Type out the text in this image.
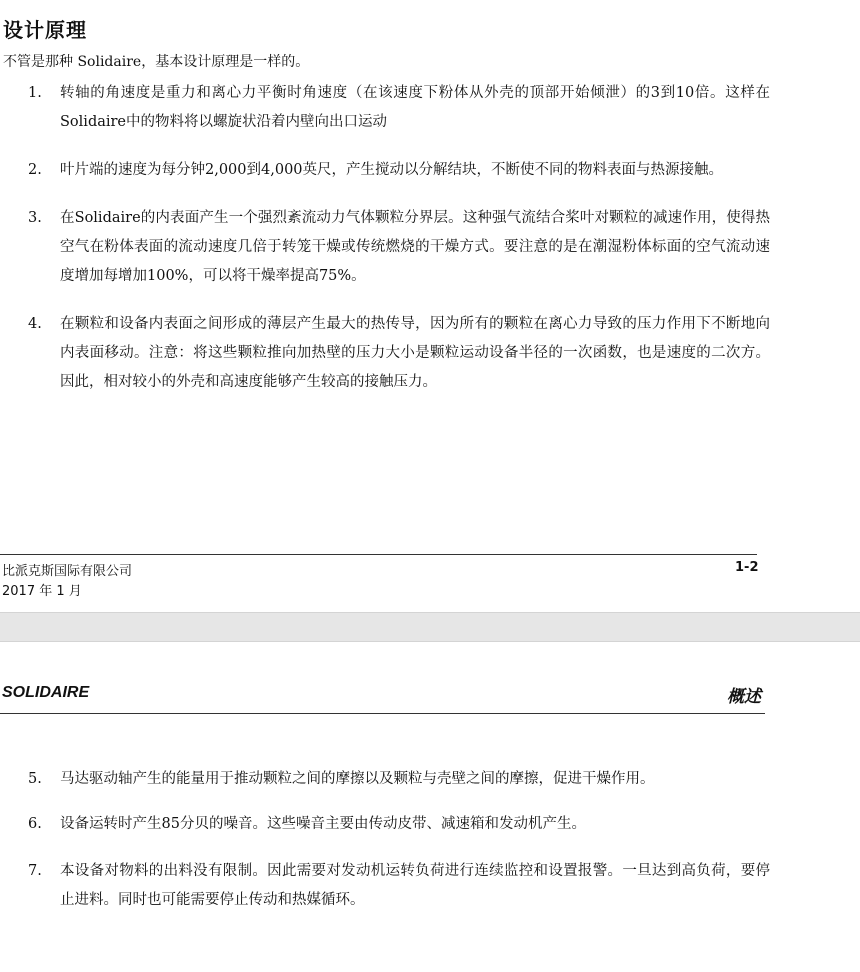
设计原理

不管是那种 Solidaire，基本设计原理是一样的。

1. 转轴的角速度是重力和离心力平衡时角速度（在该速度下粉体从外壳的顶部开始倾泄）的3到10倍。这样在Solidaire中的物料将以螺旋状沿着内壁向出口运动
2. 叶片端的速度为每分钟2,000到4,000英尺，产生搅动以分解结块，不断使不同的物料表面与热源接触。
3. 在Solidaire的内表面产生一个强烈紊流动力气体颗粒分界层。这种强气流结合桨叶对颗粒的减速作用，使得热空气在粉体表面的流动速度几倍于转笼干燥或传统燃烧的干燥方式。要注意的是在潮湿粉体标面的空气流动速度增加每增加100%，可以将干燥率提高75%。
4. 在颗粒和设备内表面之间形成的薄层产生最大的热传导，因为所有的颗粒在离心力导致的压力作用下不断地向内表面移动。注意：将这些颗粒推向加热壁的压力大小是颗粒运动设备半径的一次函数，也是速度的二次方。因此，相对较小的外壳和高速度能够产生较高的接触压力。
比派克斯国际有限公司
2017 年 1 月
1-2
SOLIDAIRE	概述
5. 马达驱动轴产生的能量用于推动颗粒之间的摩擦以及颗粒与壳壁之间的摩擦，促进干燥作用。
6. 设备运转时产生85分贝的噪音。这些噪音主要由传动皮带、减速箱和发动机产生。
7. 本设备对物料的出料没有限制。因此需要对发动机运转负荷进行连续监控和设置报警。一旦达到高负荷，要停止进料。同时也可能需要停止传动和热媒循环。
